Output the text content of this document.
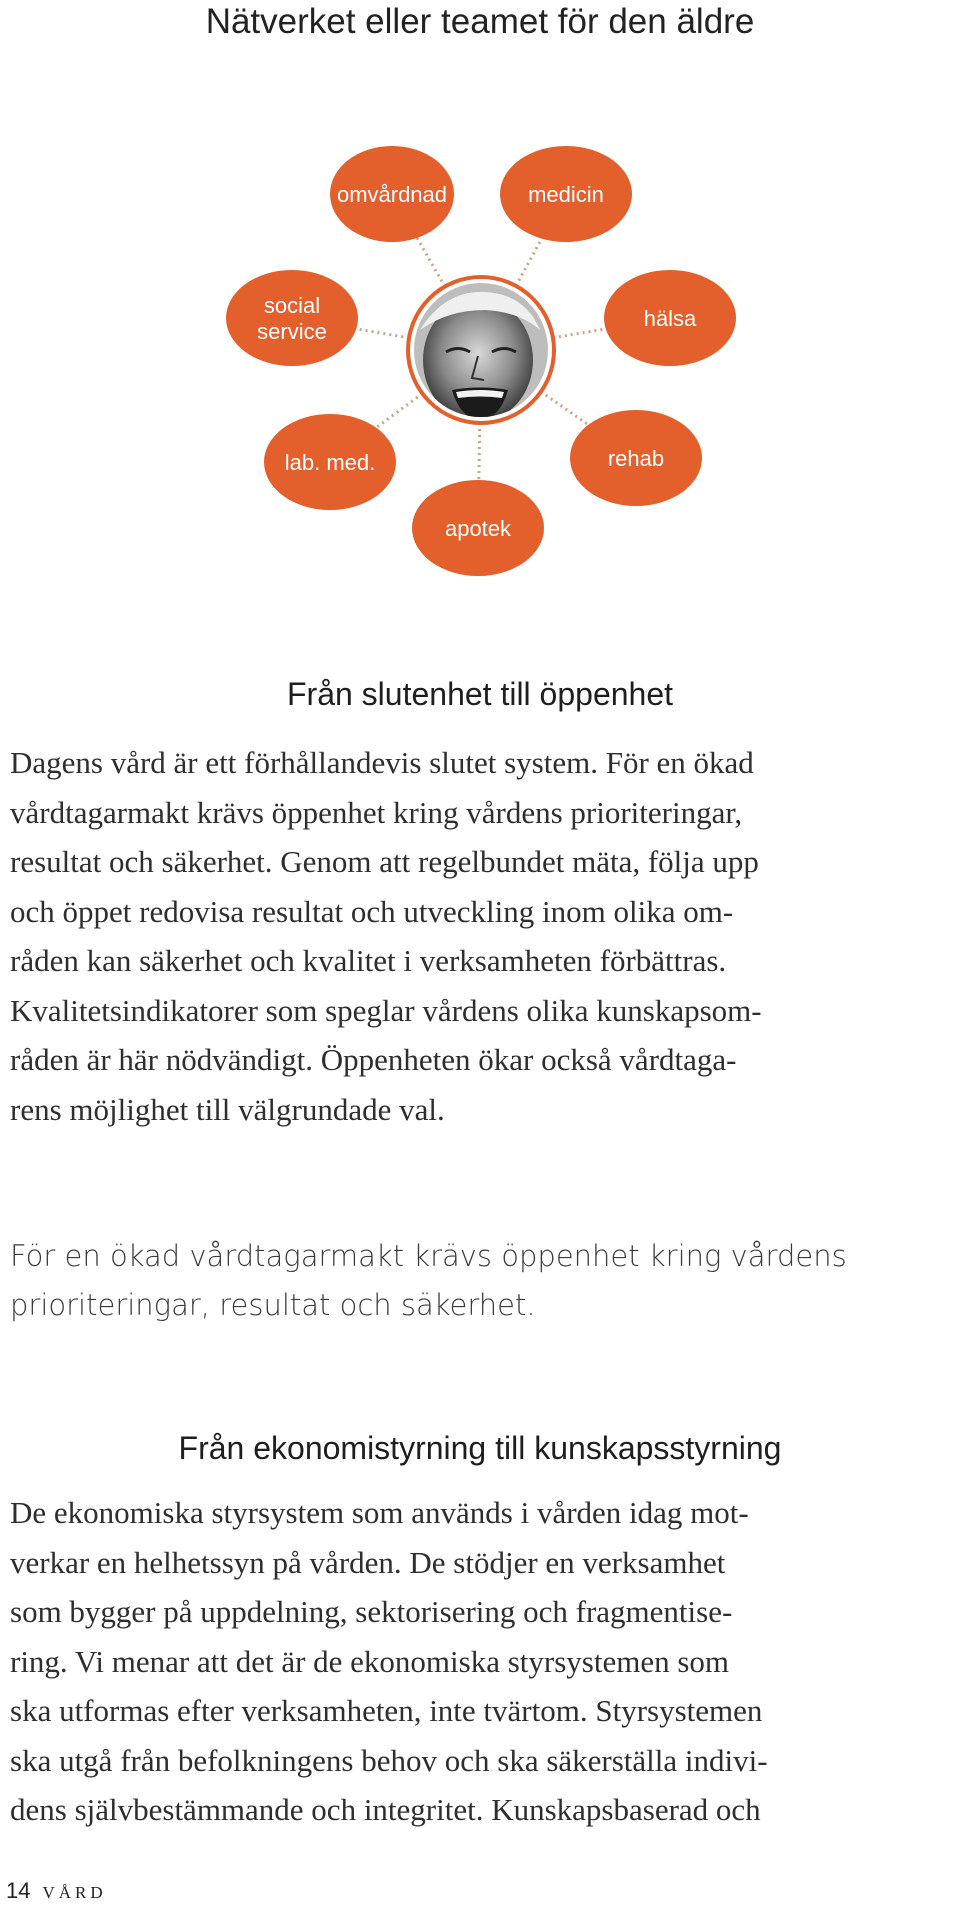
Nätverket eller teamet för den äldre
omvårdnad	medicin
social
service
hälsa
lab. med.	rehab
apotek
Från slutenhet till öppenhet
Dagens vård är ett förhållandevis slutet system. För en ökad
vårdtagarmakt krävs öppenhet kring vårdens prioriteringar,
resultat och säkerhet. Genom att regelbundet mäta, följa upp
och öppet redovisa resultat och utveckling inom olika om-
råden kan säkerhet och kvalitet i verksamheten förbättras.
Kvalitetsindikatorer som speglar vårdens olika kunskapsom-
råden är här nödvändigt. Öppenheten ökar också vårdtaga-
rens möjlighet till välgrundade val.
För en ökad vårdtagarmakt krävs öppenhet kring vårdens
prioriteringar, resultat och säkerhet.
Från ekonomistyrning till kunskapsstyrning
De ekonomiska styrsystem som används i vården idag mot-
verkar en helhetssyn på vården. De stödjer en verksamhet
som bygger på uppdelning, sektorisering och fragmentise-
ring. Vi menar att det är de ekonomiska styrsystemen som
ska utformas efter verksamheten, inte tvärtom. Styrsystemen
ska utgå från befolkningens behov och ska säkerställa indivi-
dens självbestämmande och integritet. Kunskapsbaserad och
14 VÅRD
